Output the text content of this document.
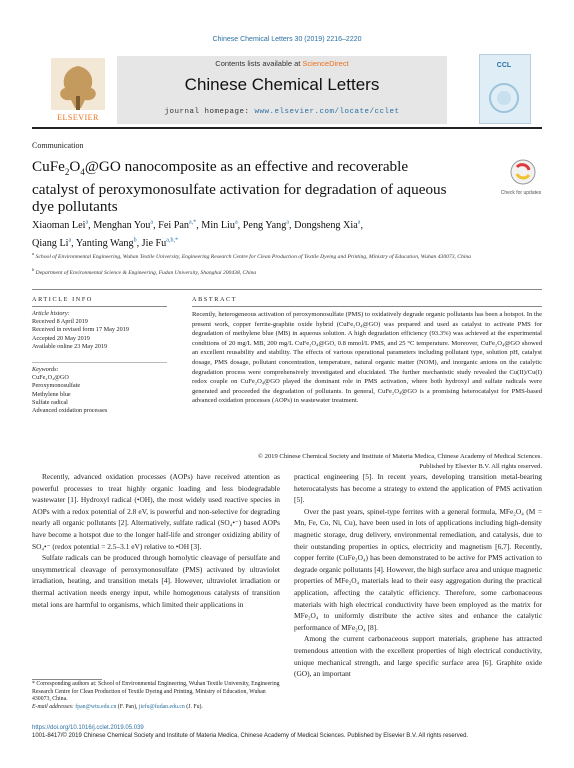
Chinese Chemical Letters 30 (2019) 2216–2220
ELSEVIER
Contents lists available at ScienceDirect
Chinese Chemical Letters
journal homepage: www.elsevier.com/locate/cclet
CCL
Communication
$CuFe_2O_4@GO$ nanocomposite as an effective and recoverable catalyst of peroxymonosulfate activation for degradation of aqueous dye pollutants
Check for updates
Xiaoman Lei$^a$, Menghan You$^a$, Fei Pan$^{a,*}$, Min Liu$^a$, Peng Yang$^a$, Dongsheng Xia$^a$,
Qiang Li$^a$, Yanting Wang$^b$, Jie $Fu^{a,b,*}$
$^a$ School of Environmental Engineering, Wuhan Textile University, Engineering Research Centre for Clean Production of Textile Dyeing and Printing, Ministry of Education, Wuhan 430073, China
$^b$ Department of Environmental Science & Engineering, Fudan University, Shanghai 200438, China
ARTICLE INFO
Article history:
Received 8 April 2019
Received in revised form 17 May 2019
Accepted 20 May 2019
Available online 23 May 2019
Keywords:
CuFe₂O₄@GO
Peroxymonosulfate
Methylene blue
Sulfate radical
Advanced oxidation processes
ABSTRACT
Recently, heterogeneous activation of peroxymonosulfate (PMS) to oxidatively degrade organic pollutants has been a hotspot. In the present work, copper ferrite-graphite oxide hybrid (CuFe₂O₄@GO) was prepared and used as catalyst to activate PMS for degradation of methylene blue (MB) in aqueous solution. A high degradation efficiency (93.3%) was achieved at the experimental conditions of 20 mg/L MB, 200 mg/L CuFe₂O₄@GO, 0.8 mmol/L PMS, and 25 °C temperature. Moreover, CuFe₂O₄@GO showed an excellent reusability and stability. The effects of various operational parameters including pollutant type, solution pH, catalyst dosage, PMS dosage, pollutant concentration, temperature, natural organic matter (NOM), and inorganic anions on the catalytic degradation process were comprehensively investigated and elucidated. The further mechanistic study revealed the Cu(II)/Cu(I) redox couple on CuFe₂O₄@GO played the dominant role in PMS activation, where both hydroxyl and sulfate radicals were generated and proceeded the degradation of pollutants. In general, CuFe₂O₄@GO is a promising heterocatalyst for PMS-based advanced oxidation processes (AOPs) in wastewater treatment.
© 2019 Chinese Chemical Society and Institute of Materia Medica, Chinese Academy of Medical Sciences.
Published by Elsevier B.V. All rights reserved.

Recently, advanced oxidation processes (AOPs) have received attention as powerful processes to treat highly organic loading and less biodegradable wastewater [1]. Hydroxyl radical (•OH), the most widely used reactive species in AOPs with a redox potential of 2.8 eV, is powerful and non-selective for degrading nearly all organic pollutants [2]. Alternatively, sulfate radical (SO₄•⁻) based AOPs have become a hotspot due to the longer half-life and stronger oxidizing ability of SO₄•⁻ (redox potential = 2.5–3.1 eV) relative to •OH [3].

Sulfate radicals can be produced through homolytic cleavage of persulfate and unsymmetrical cleavage of peroxymonosulfate (PMS) activated by ultraviolet irradiation, heating, and transition metals [4]. However, ultraviolet irradiation or thermal activation needs energy input, while homogenous catalysts of transition metal ions are harmful to organisms, which limited their applications in

practical engineering [5]. In recent years, developing transition metal-bearing heterocatalysts has become a strategy to extend the application of PMS activation [5].

Over the past years, spinel-type ferrites with a general formula, MFe₂O₄ (M = Mn, Fe, Co, Ni, Cu), have been used in lots of applications including high-density magnetic storage, drug delivery, environmental remediation, and catalysis, due to their outstanding properties in optics, electricity and magnetism [6,7]. Recently, copper ferrite (CuFe₂O₄) has been demonstrated to be active for PMS activation to degrade organic pollutants [4]. However, the high surface area and unique magnetic properties of MFe₂O₄ materials lead to their easy aggregation during the practical application, affecting the catalytic efficiency. Therefore, some carbonaceous materials with high electrical conductivity have been employed as the matrix for MFe₂O₄ to uniformly distribute the active sites and enhance the catalytic performance of MFe₂O₄ [8].

Among the current carbonaceous support materials, graphene has attracted tremendous attention with the excellent properties of high electrical conductivity, unique mechanical strength, and large specific surface area [6]. Graphite oxide (GO), an important

* Corresponding authors at: School of Environmental Engineering, Wuhan Textile University, Engineering Research Centre for Clean Production of Textile Dyeing and Printing, Ministry of Education, Wuhan 430073, China.
E-mail addresses: fpan@wtu.edu.cn (F. Pan), jiefu@fudan.edu.cn (J. Fu).
https://doi.org/10.1016/j.cclet.2019.05.039
1001-8417/© 2019 Chinese Chemical Society and Institute of Materia Medica, Chinese Academy of Medical Sciences. Published by Elsevier B.V. All rights reserved.
